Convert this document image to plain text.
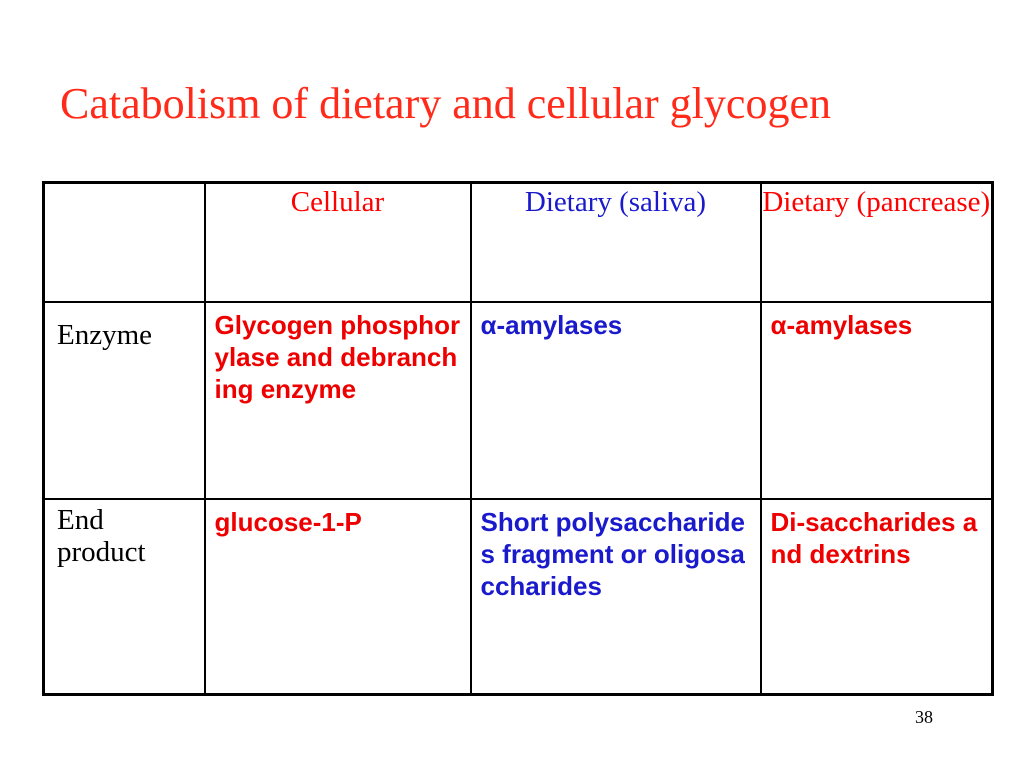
Catabolism of dietary and cellular glycogen
	Cellular	Dietary (saliva)	Dietary (pancrease)
Enzyme	Glycogen phosphorylase and debranching enzyme	α-amylases	α-amylases
End product	glucose-1-P	Short polysaccharides fragment or oligosaccharides	Di-saccharides and dextrins
38
